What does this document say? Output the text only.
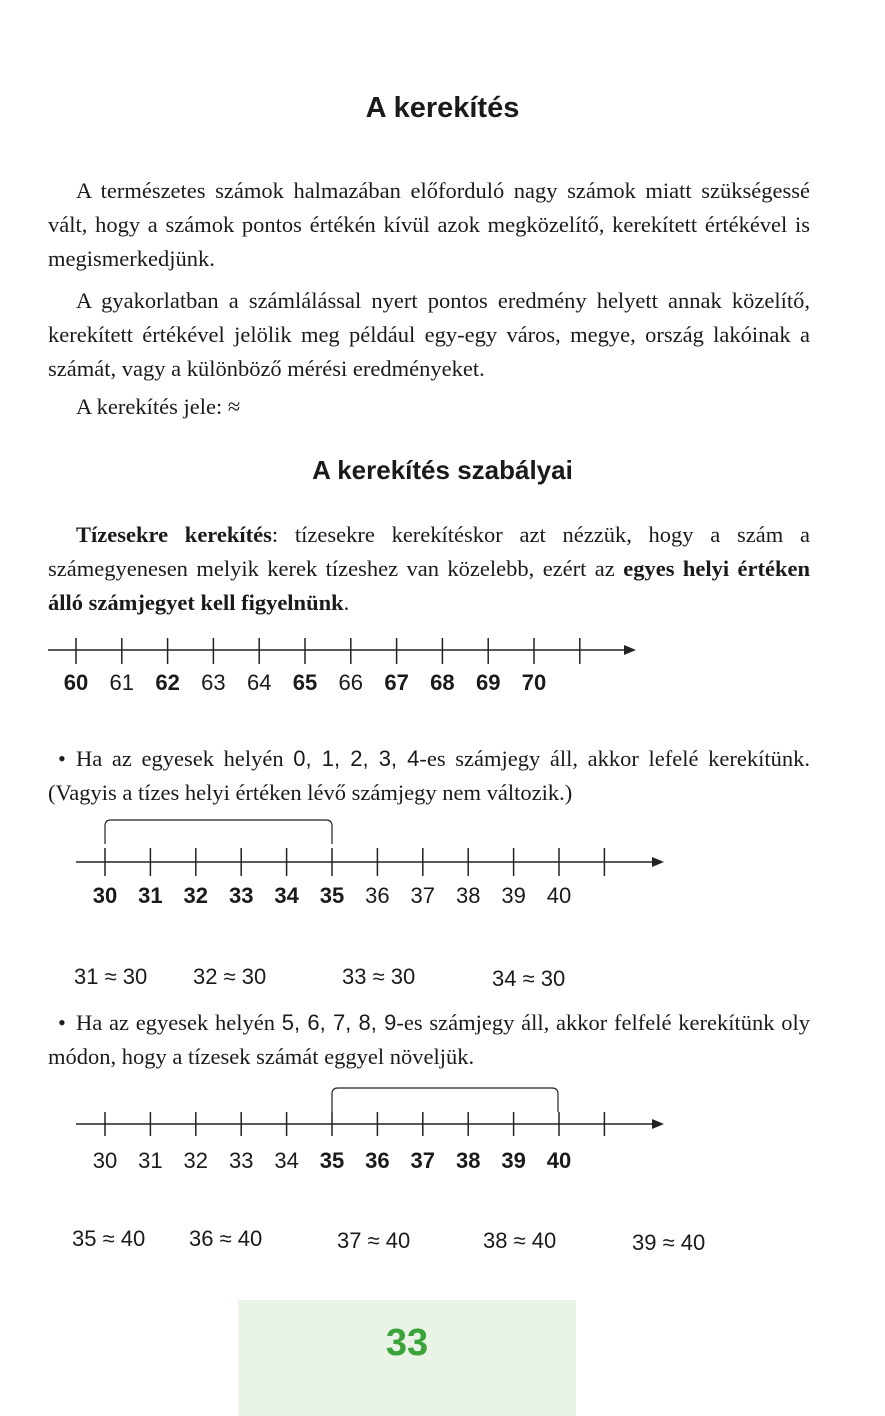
A kerekítés
A természetes számok halmazában előforduló nagy számok miatt szükségessé vált, hogy a számok pontos értékén kívül azok megközelítő, kerekített értékével is megismerkedjünk.
A gyakorlatban a számlálással nyert pontos eredmény helyett annak közelítő, kerekített értékével jelölik meg például egy-egy város, megye, ország lakóinak a számát, vagy a különböző mérési eredményeket.
A kerekítés jele: ≈
A kerekítés szabályai
Tízesekre kerekítés: tízesekre kerekítéskor azt nézzük, hogy a szám a számegyenesen melyik kerek tízeshez van közelebb, ezért az egyes helyi értéken álló számjegyet kell figyelnünk.
60 61 62 63 64 65 66 67 68 69 70
• Ha az egyesek helyén 0, 1, 2, 3, 4-es számjegy áll, akkor lefelé kerekítünk. (Vagyis a tízes helyi értéken lévő számjegy nem változik.)
30 31 32 33 34 35 36 37 38 39 40
31 ≈ 30 32 ≈ 30	33 ≈ 30	34 ≈ 30
• Ha az egyesek helyén 5, 6, 7, 8, 9-es számjegy áll, akkor felfelé kerekítünk oly módon, hogy a tízesek számát eggyel növeljük.
30 31 32 33 34 35 36 37 38 39 40
35 ≈ 40 36 ≈ 40	37 ≈ 40	38 ≈ 40	39 ≈ 40
33
